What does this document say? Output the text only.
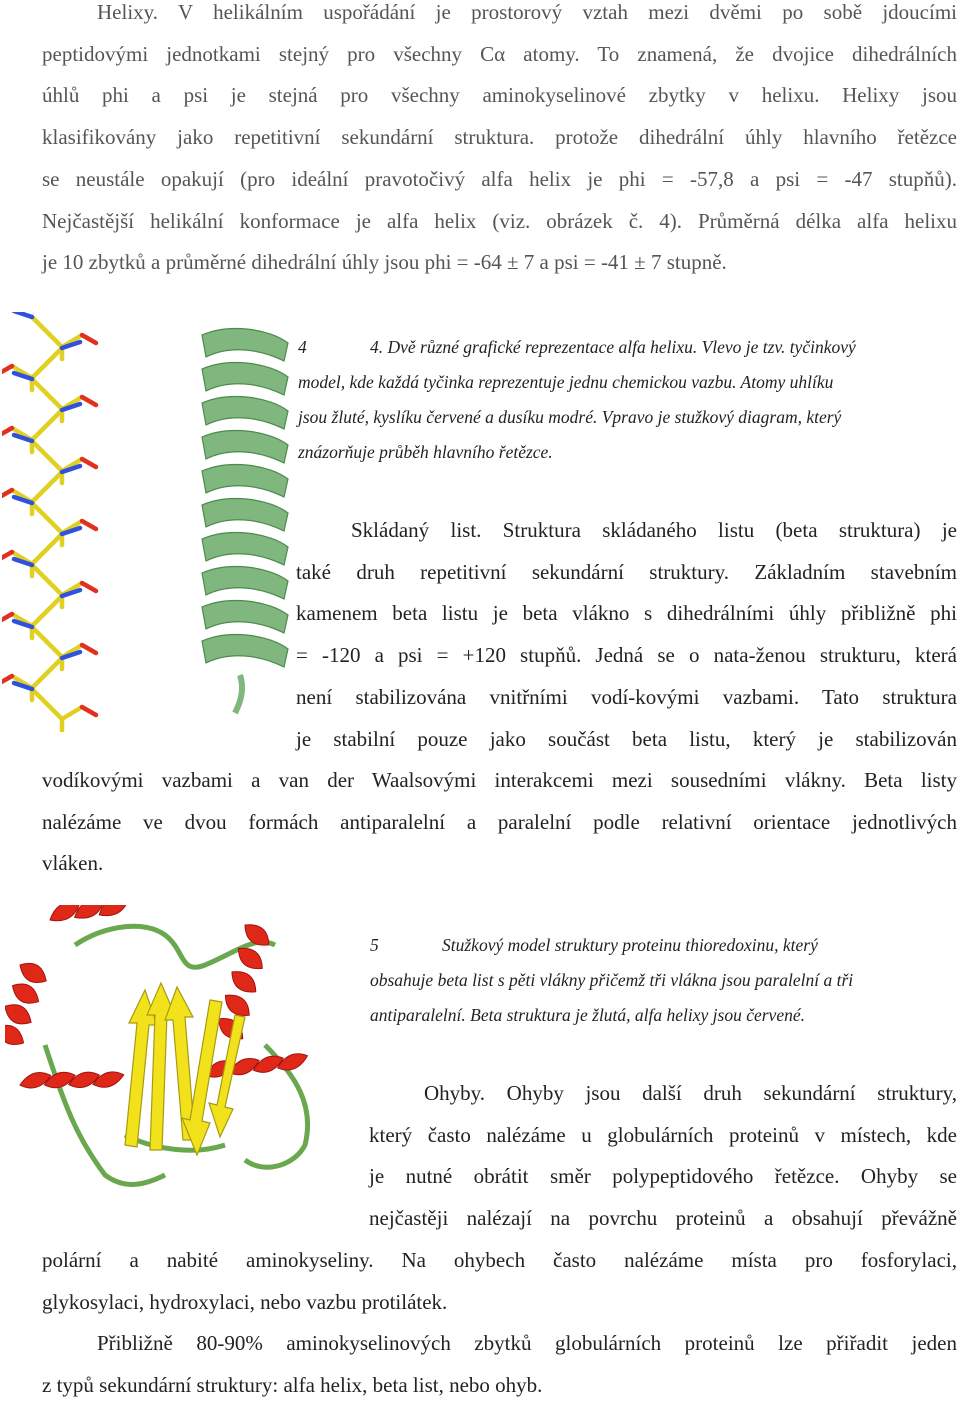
Helixy. V helikálním uspořádání je prostorový vztah mezi dvěmi po sobě jdoucími
peptidovými jednotkami stejný pro všechny Cα atomy. To znamená, že dvojice dihedrálních
úhlů phi a psi je stejná pro všechny aminokyselinové zbytky v helixu. Helixy jsou
klasifikovány jako repetitivní sekundární struktura. protože dihedrální úhly hlavního řetězce
se neustále opakují (pro ideální pravotočivý alfa helix je phi = -57,8 a psi = -47 stupňů).
Nejčastější helikální konformace je alfa helix (viz. obrázek č. 4). Průměrná délka alfa helixu
je 10 zbytků a průměrné dihedrální úhly jsou phi = -64 ± 7 a psi = -41 ± 7 stupně.
4	4. Dvě různé grafické reprezentace alfa helixu. Vlevo je tzv. tyčinkový
model, kde každá tyčinka reprezentuje jednu chemickou vazbu. Atomy uhlíku
jsou žluté, kyslíku červené a dusíku modré. Vpravo je stužkový diagram, který
znázorňuje průběh hlavního řetězce.
Skládaný list. Struktura skládaného listu (beta struktura) je
také druh repetitivní sekundární struktury. Základním stavebním
kamenem beta listu je beta vlákno s dihedrálními úhly přibližně phi
= -120 a psi = +120 stupňů. Jedná se o nata-ženou strukturu, která
není stabilizována vnitřními vodí-kovými vazbami. Tato struktura
je stabilní pouze jako součást beta listu, který je stabilizován
vodíkovými vazbami a van der Waalsovými interakcemi mezi sousedními vlákny. Beta listy
nalézáme ve dvou formách antiparalelní a paralelní podle relativní orientace jednotlivých
vláken.
5	Stužkový model struktury proteinu thioredoxinu, který
obsahuje beta list s pěti vlákny přičemž tři vlákna jsou paralelní a tři
antiparalelní. Beta struktura je žlutá, alfa helixy jsou červené.
Ohyby. Ohyby jsou další druh sekundární struktury,
který často nalézáme u globulárních proteinů v místech, kde
je nutné obrátit směr polypeptidového řetězce. Ohyby se
nejčastěji nalézají na povrchu proteinů a obsahují převážně
polární a nabité aminokyseliny. Na ohybech často nalézáme místa pro fosforylaci,
glykosylaci, hydroxylaci, nebo vazbu protilátek.
Přibližně 80-90% aminokyselinových zbytků globulárních proteinů lze přiřadit jeden
z typů sekundární struktury: alfa helix, beta list, nebo ohyb.
